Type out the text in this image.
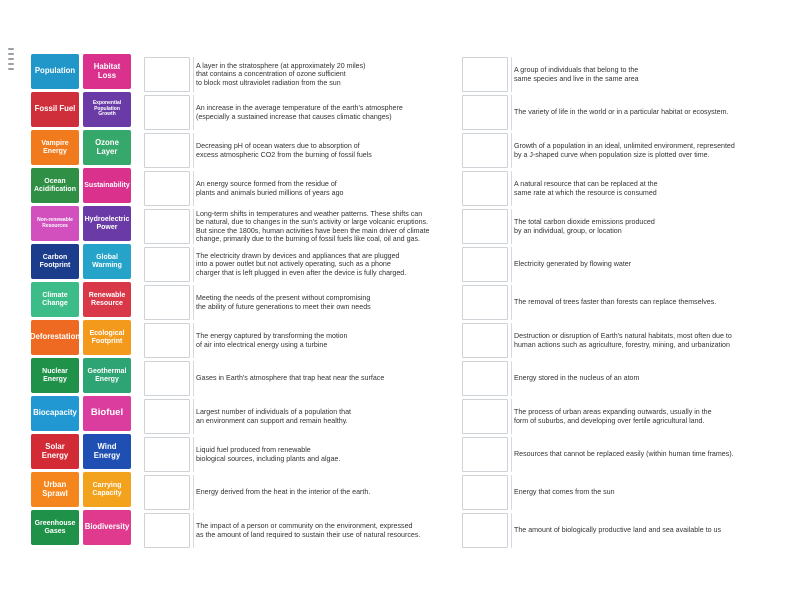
Population	Habitat Loss
Fossil Fuel
Exponential Population Growth
Vampire Energy
Ozone Layer
Ocean Acidification
Sustainability
Non-renewable Resources
Hydroelectric Power
Carbon Footprint
Global Warming
Climate Change
Renewable Resource
Deforestation	Ecological Footprint
Nuclear Energy
Geothermal Energy
Biocapacity Biofuel
Solar Energy
Wind Energy
Urban Sprawl
Carrying Capacity
Greenhouse Gases	Biodiversity
A layer in the stratosphere (at approximately 20 miles)
that contains a concentration of ozone sufficient
to block most ultraviolet radiation from the sun
An increase in the average temperature of the earth's atmosphere
(especially a sustained increase that causes climatic changes)
Decreasing pH of ocean waters due to absorption of
excess atmospheric CO2 from the burning of fossil fuels
An energy source formed from the residue of
plants and animals buried millions of years ago
Long-term shifts in temperatures and weather patterns. These shifts can
be natural, due to changes in the sun's activity or large volcanic eruptions.
But since the 1800s, human activities have been the main driver of climate
change, primarily due to the burning of fossil fuels like coal, oil and gas.
The electricity drawn by devices and appliances that are plugged
into a power outlet but not actively operating, such as a phone
charger that is left plugged in even after the device is fully charged.
Meeting the needs of the present without compromising
the ability of future generations to meet their own needs
The energy captured by transforming the motion
of air into electrical energy using a turbine
Gases in Earth's atmosphere that trap heat near the surface
Largest number of individuals of a population that
an environment can support and remain healthy.
Liquid fuel produced from renewable
biological sources, including plants and algae.
Energy derived from the heat in the interior of the earth.
The impact of a person or community on the environment, expressed
as the amount of land required to sustain their use of natural resources.
A group of individuals that belong to the
same species and live in the same area
The variety of life in the world or in a particular habitat or ecosystem.
Growth of a population in an ideal, unlimited environment, represented
by a J-shaped curve when population size is plotted over time.
A natural resource that can be replaced at the
same rate at which the resource is consumed
The total carbon dioxide emissions produced
by an individual, group, or location
Electricity generated by flowing water
The removal of trees faster than forests can replace themselves.
Destruction or disruption of Earth's natural habitats, most often due to
human actions such as agriculture, forestry, mining, and urbanization
Energy stored in the nucleus of an atom
The process of urban areas expanding outwards, usually in the
form of suburbs, and developing over fertile agricultural land.
Resources that cannot be replaced easily (within human time frames).
Energy that comes from the sun
The amount of biologically productive land and sea available to us
